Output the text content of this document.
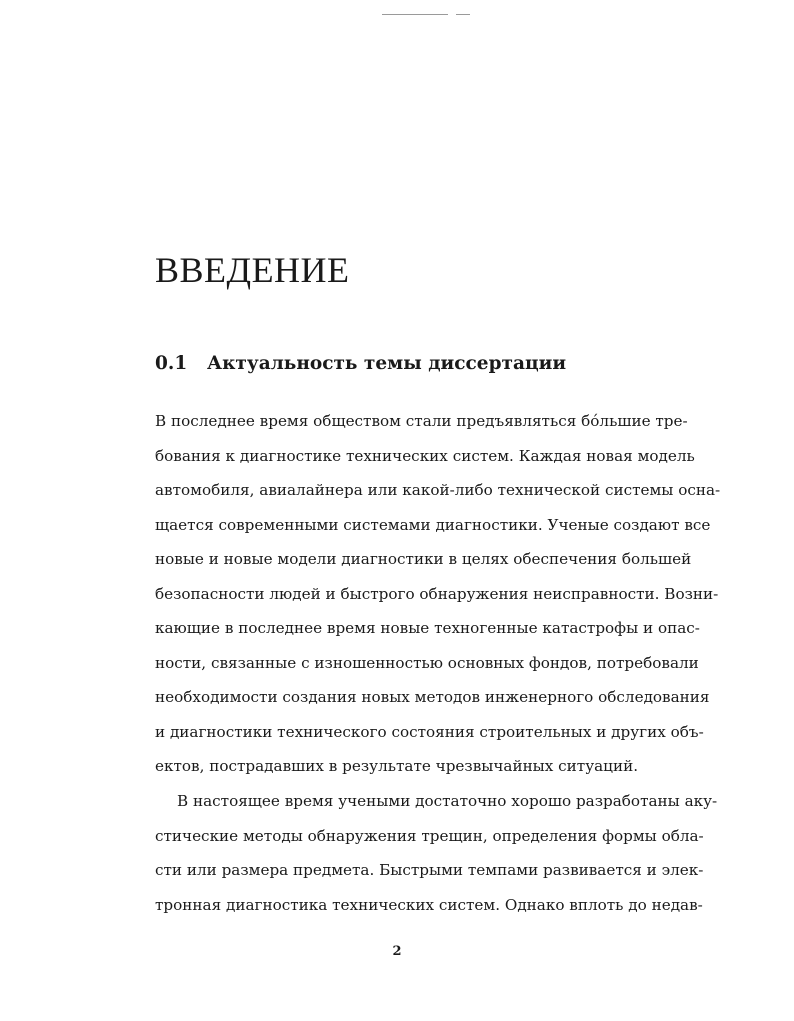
ВВЕДЕНИЕ
0.1 Актуальность темы диссертации

В последнее время обществом стали предъявляться бóльшие тре-
бования к диагностике технических систем. Каждая новая модель
автомобиля, авиалайнера или какой-либо технической системы осна-
щается современными системами диагностики. Ученые создают все
новые и новые модели диагностики в целях обеспечения большей
безопасности людей и быстрого обнаружения неисправности. Возни-
кающие в последнее время новые техногенные катастрофы и опас-
ности, связанные с изношенностью основных фондов, потребовали
необходимости создания новых методов инженерного обследования
и диагностики технического состояния строительных и других объ-
ектов, пострадавших в результате чрезвычайных ситуаций.

В настоящее время учеными достаточно хорошо разработаны аку-
стические методы обнаружения трещин, определения формы обла-
сти или размера предмета. Быстрыми темпами развивается и элек-
тронная диагностика технических систем. Однако вплоть до недав-

2
